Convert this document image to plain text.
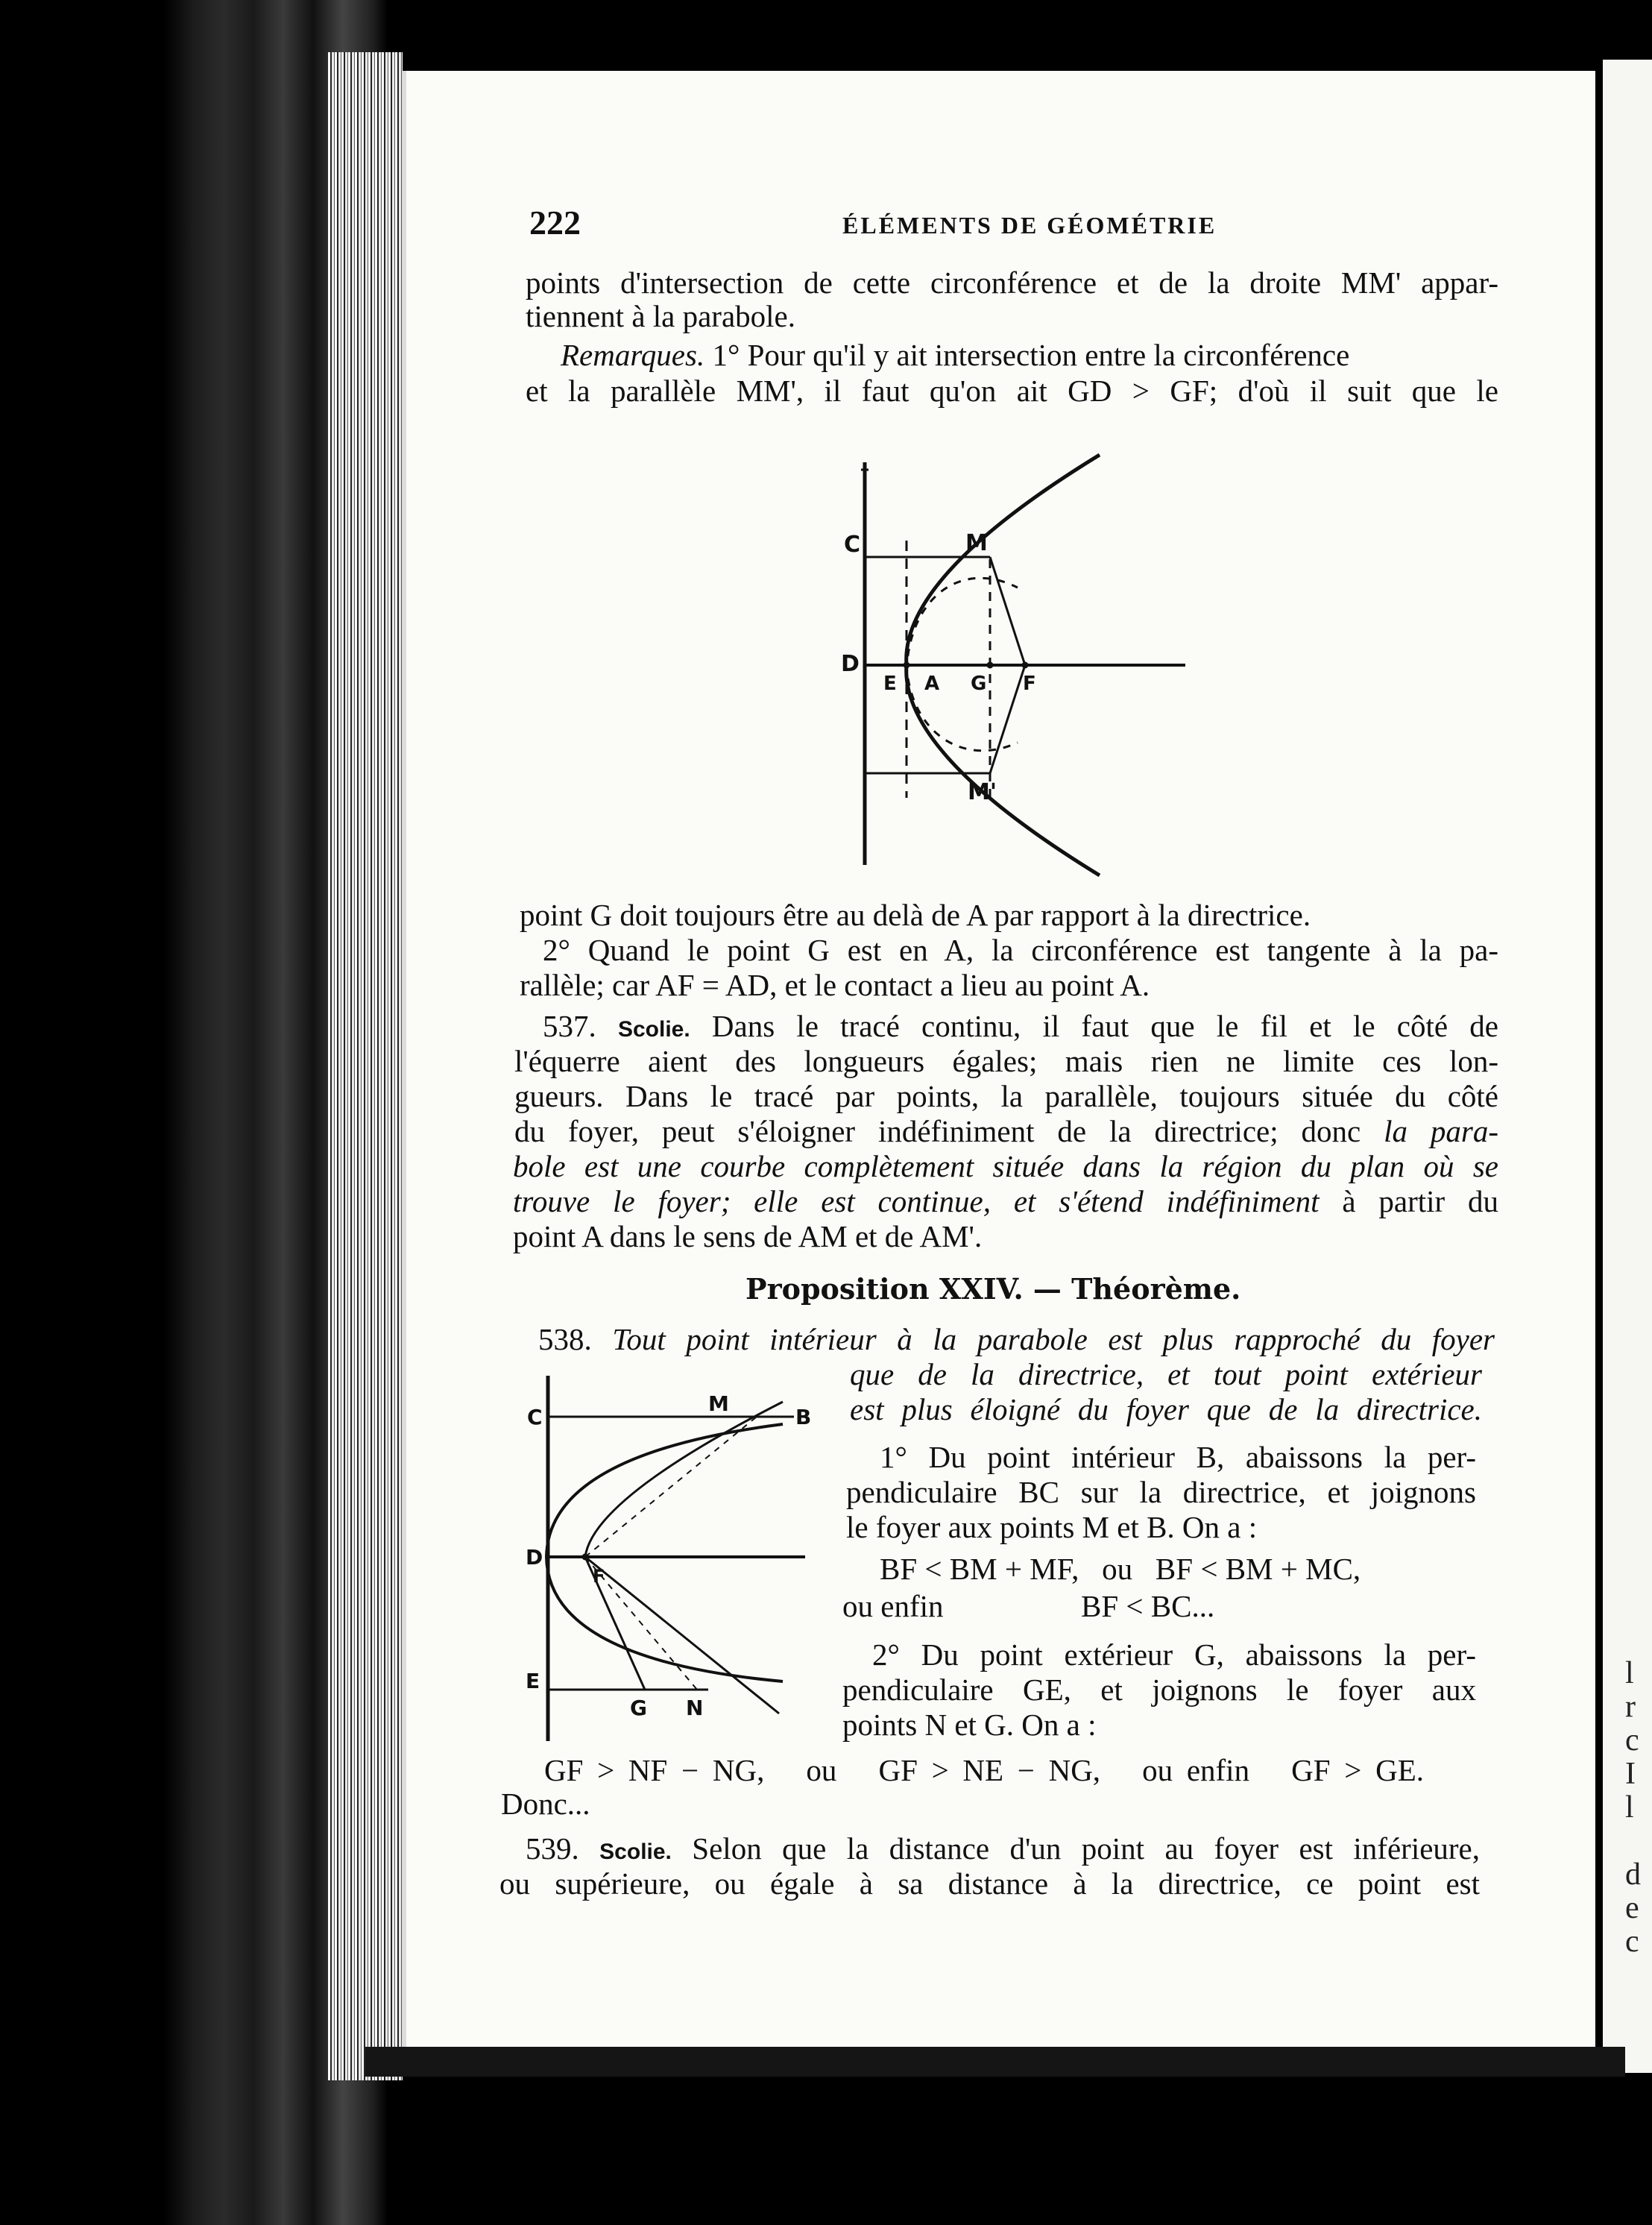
l
r
c
I
l
d
e
c
222	ÉLÉMENTS DE GÉOMÉTRIE
points d'intersection de cette circonférence et de la droite MM' appar-
tiennent à la parabole.
Remarques. 1° Pour qu'il y ait intersection entre la circonférence
et la parallèle MM', il faut qu'on ait GD > GF; d'où il suit que le
C	M
D
E A G F
M'
point G doit toujours être au delà de A par rapport à la directrice.
2° Quand le point G est en A, la circonférence est tangente à la pa-
rallèle; car AF = AD, et le contact a lieu au point A.
537. Scolie. Dans le tracé continu, il faut que le fil et le côté de
l'équerre aient des longueurs égales; mais rien ne limite ces lon-
gueurs. Dans le tracé par points, la parallèle, toujours située du côté
du foyer, peut s'éloigner indéfiniment de la directrice; donc la para-
bole est une courbe complètement située dans la région du plan où se
trouve le foyer; elle est continue, et s'étend indéfiniment à partir du
point A dans le sens de AM et de AM'.
Proposition XXIV. — Théorème.
538. Tout point intérieur à la parabole est plus rapproché du foyer
que de la directrice, et tout point extérieur
est plus éloigné du foyer que de la directrice.
C
M
B
D
F
E
G N
1° Du point intérieur B, abaissons la per-
pendiculaire BC sur la directrice, et joignons
le foyer aux points M et B. On a :
BF < BM + MF,   ou   BF < BM + MC,
ou enfin	BF < BC...
2° Du point extérieur G, abaissons la per-
pendiculaire GE, et joignons le foyer aux
points N et G. On a :
GF > NF − NG,   ou   GF > NE − NG,   ou enfin   GF > GE.
Donc...
539. Scolie. Selon que la distance d'un point au foyer est inférieure,
ou supérieure, ou égale à sa distance à la directrice, ce point est
